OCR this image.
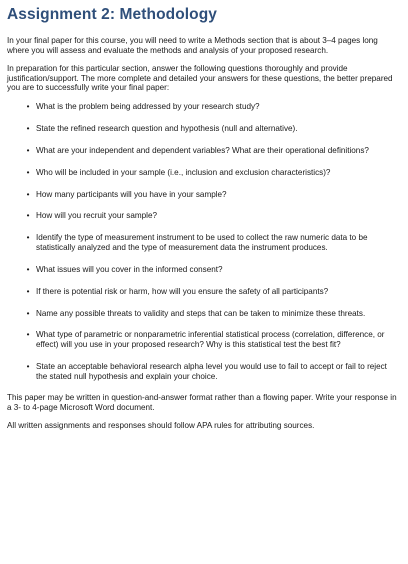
Assignment 2: Methodology

In your final paper for this course, you will need to write a Methods section that is about 3–4 pages long where you will assess and evaluate the methods and analysis of your proposed research.

In preparation for this particular section, answer the following questions thoroughly and provide justification/support. The more complete and detailed your answers for these questions, the better prepared you are to successfully write your final paper:

• What is the problem being addressed by your research study?
• State the refined research question and hypothesis (null and alternative).
• What are your independent and dependent variables? What are their operational definitions?
• Who will be included in your sample (i.e., inclusion and exclusion characteristics)?
• How many participants will you have in your sample?
• How will you recruit your sample?
• Identify the type of measurement instrument to be used to collect the raw numeric data to be statistically analyzed and the type of measurement data the instrument produces.
• What issues will you cover in the informed consent?
• If there is potential risk or harm, how will you ensure the safety of all participants?
• Name any possible threats to validity and steps that can be taken to minimize these threats.
• What type of parametric or nonparametric inferential statistical process (correlation, difference, or effect) will you use in your proposed research? Why is this statistical test the best fit?
• State an acceptable behavioral research alpha level you would use to fail to accept or fail to reject the stated null hypothesis and explain your choice.

This paper may be written in question-and-answer format rather than a flowing paper. Write your response in a 3- to 4-page Microsoft Word document.

All written assignments and responses should follow APA rules for attributing sources.
